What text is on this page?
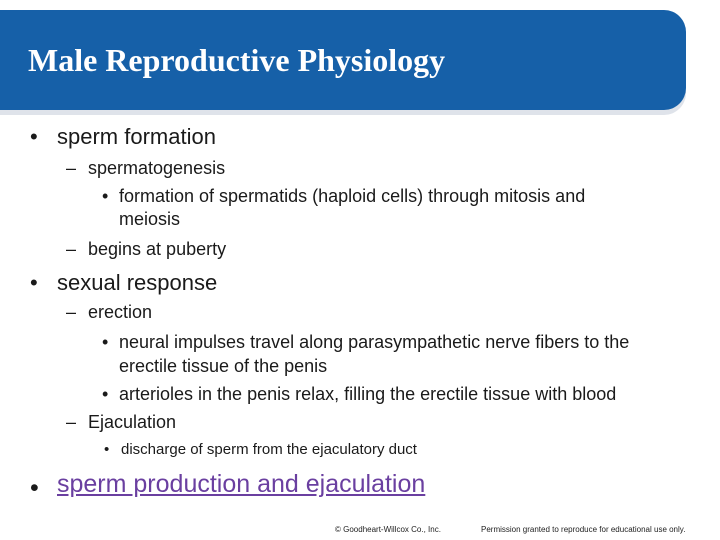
Male Reproductive Physiology
• sperm formation
– spermatogenesis
• formation of spermatids (haploid cells) through mitosis and
meiosis
– begins at puberty
• sexual response
– erection
• neural impulses travel along parasympathetic nerve fibers to the
erectile tissue of the penis
• arterioles in the penis relax, filling the erectile tissue with blood
– Ejaculation
• discharge of sperm from the ejaculatory duct
• sperm production and ejaculation
© Goodheart-Willcox Co., Inc.	Permission granted to reproduce for educational use only.
